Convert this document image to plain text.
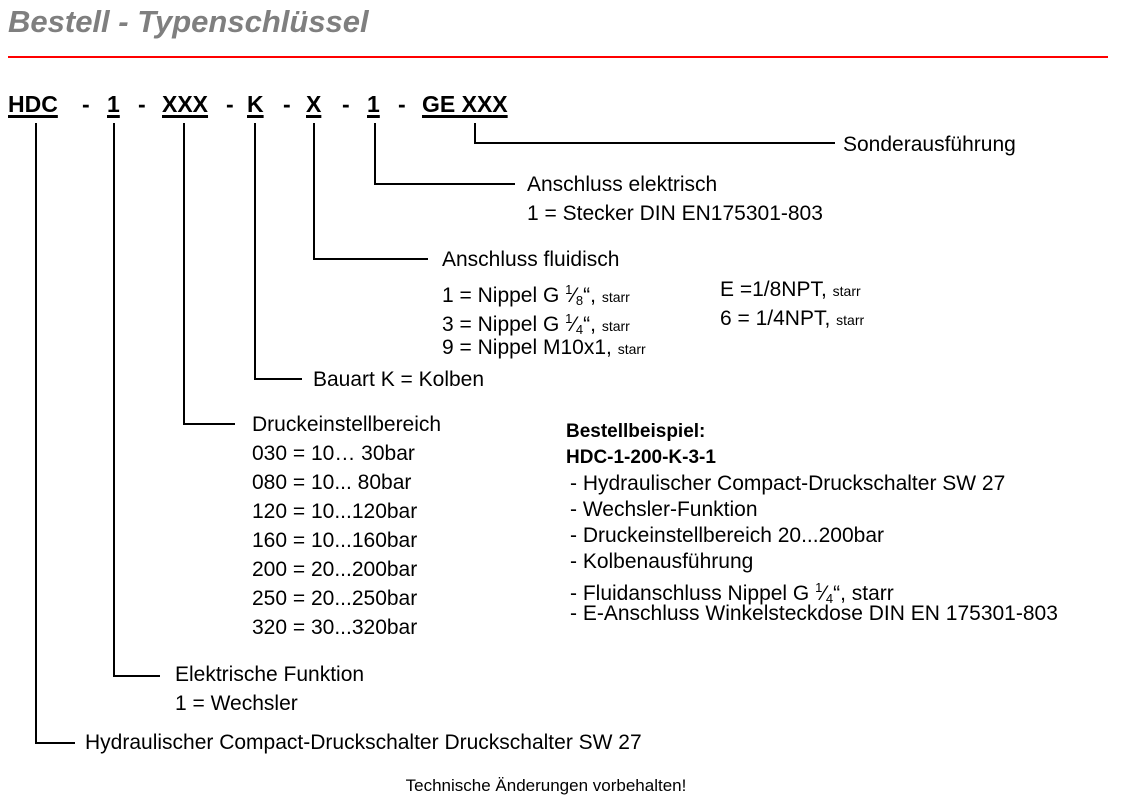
Bestell - Typenschlüssel
HDC - 1 - XXX - K - X - 1 - GE XXX
Sonderausführung
Anschluss elektrisch
1 = Stecker DIN EN175301-803
Anschluss fluidisch
1 = Nippel G $^1⁄_8“$, starr
3 = Nippel G $^1⁄_4“$, starr
9 = Nippel M10x1, starr
E =1/8NPT, starr
6 = 1/4NPT, starr
Bauart K = Kolben
Druckeinstellbereich
030 = 10… 30bar
080 = 10... 80bar
120 = 10...120bar
160 = 10...160bar
200 = 20...200bar
250 = 20...250bar
320 = 30...320bar
Elektrische Funktion
1 = Wechsler
Hydraulischer Compact-Druckschalter Druckschalter SW 27
Bestellbeispiel:
HDC-1-200-K-3-1
- Hydraulischer Compact-Druckschalter SW 27
- Wechsler-Funktion
- Druckeinstellbereich 20...200bar
- Kolbenausführung
- Fluidanschluss Nippel G $^1⁄_4“$, starr
- E-Anschluss Winkelsteckdose DIN EN 175301-803
Technische Änderungen vorbehalten!
